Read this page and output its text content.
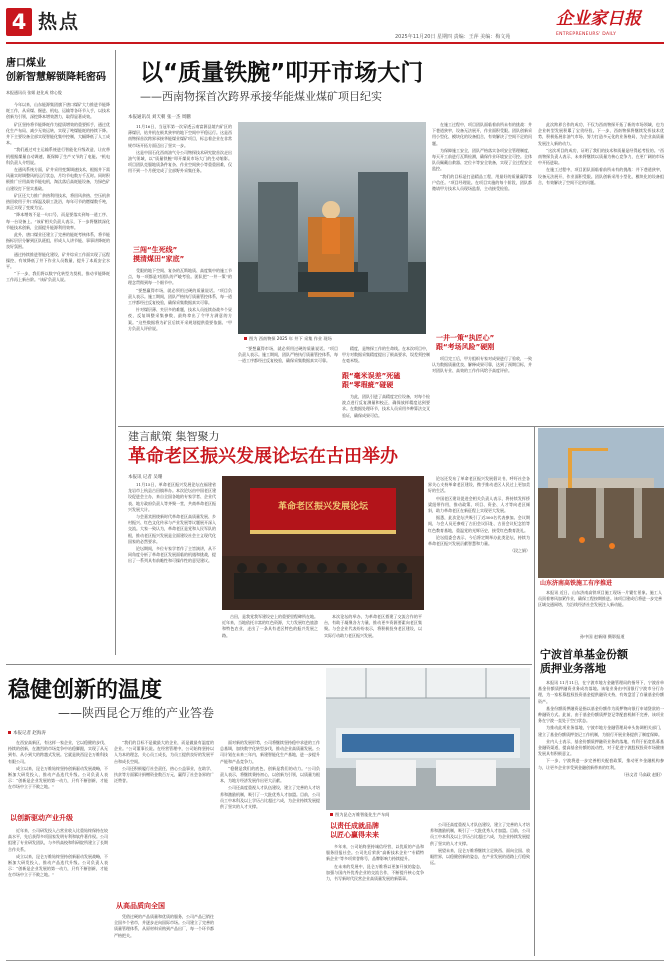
4 热点
2025年11月20日 星期四 责编：王萍 美编：梅文苑
企业家日报
ENTREPRENEURS' DAILY
唐口煤业
创新智慧解锁降耗密码
本报通讯员 张姬 赵化成 徐心俊

今年以来，山东能源集团旗下唐口煤矿大力推进节能降耗工作，从采煤、掘进、机电、运输等各环节入手，以技术创新为引领，深挖降本增效潜力，取得显著成效。

矿区坚持将节能降耗作为提质增效的重要抓手，通过优化生产布局、减少无效运转，实现了吨煤能耗的持续下降。井下主要设备全部实现智能化集中控制，大幅降低了人工成本。

“我们通过对主运输系统进行智能化升级改造，让皮带机根据煤量自动调速，既保障了生产又节约了电能。”机电科负责人介绍说。

在通风系统方面，矿井采用变频调速技术，根据井下需风量实时调整风机运行状态，月均节电数万千瓦时。同时积极推广应用高效节能电机，淘汰落后高耗能设备，为绿色矿山建设打下坚实基础。

矿区还大力推广余热利用技术，将回风余热、空压机余热回收用于井口保温及职工洗浴，每年可节约燃煤数千吨，真正实现了变废为宝。

“降本增效不是一句口号，而是要落实到每一道工序、每一台设备上。”该矿相关负责人表示，下一步将继续深化节能技术创新，全面提升能源利用效率。

此外，唐口煤业还建立了完善的能耗考核体系，将节能指标层层分解到区队班组，形成人人讲节能、事事讲降耗的良好氛围。

通过持续推进智能化建设，矿井综采工作面实现了远程操控，有效降低了井下作业人员数量，提升了本质安全水平。

“下一步，我们将以数字化转型为契机，推动节能降耗工作再上新台阶。”该矿负责人说。

以“质量铁腕”叩开市场大门
——西南物探首次跨界承接华能煤业煤矿项目纪实
本报通讯员 刘天朝 张一杰 周鹏

11月16日，当冠军第一次穿透云南富源县境内矿区的薄煤层，钻井机在极其狭窄的地下空间中平稳运行。这是西南物探首次跨界承接华能煤业煤矿项目，标志着企业在非常规市场开拓方面迈出了坚实一步。

这是中国石化西南油气分公司物探技术研究院首次走出油气领域，以“质量铁腕”叩开煤炭市场大门的生动缩影。项目团队克服地质条件复杂、作业空间狭小等重重困难，仅用不到一个月便完成了全部野外采集任务。

图为 西南物探 2025 年 井下 采集 作业 现场
三闯“生死线”
摸清煤田“家底”

受限的地下空间、复杂的瓦斯地质、高度集中的施工节点，每一项都是对团队的严峻考验。团队把“一井一策”的理念贯彻到每一个细节中。

“要想赢得市场，就必须用过硬的质量说话。”项目负责人表示。施工期间，团队严格执行质量管控体系，每一道工序都经过反复校验，确保采集数据真实可靠。

针对煤层薄、夹层多的难题，技术人员连续奋战多个昼夜，反复调整采集参数，最终拿出了令甲方满意的方案。“这些数据将为矿区后续开采规划提供重要依据。”甲方负责人评价说。

“要想赢得市场，就必须用过硬的质量说话。”项目负责人表示。施工期间，团队严格执行质量管控体系，每一道工序都经过反复校验，确保采集数据真实可靠。

在施工过程中，项目团队面临着前所未有的挑战：井下巷道狭窄，设备无法展开，作业面积受限。团队创新采用小型化、模块化的设备组合，有效解决了空间不足的问题。

为保障施工安全，团队严格落实各项安全管理制度，每天开工前进行瓦斯检测，确保作业环境安全可控。全体队员佩戴自救器、定位卡等安全装备，实现了全过程安全监控。

“我们的目标是打造精品工程，用最好的质量赢得客户信任。”项目经理说。在项目实施的每个阶段，团队都邀请甲方技术人员现场监督，主动接受检验。

跟“毫米误差”死磕
跟“零瑕疵”碰硬

精度，是物探工作的生命线。在本次项目中，甲方对数据采集精度提出了极高要求，误差须控制在毫米级。

为此，团队引进了高精度定位设备，对每个检波点进行反复测量和校正，确保放样精度达到要求。在数据处理环节，技术人员采用多种算法交叉验证，确保成果可信。

一井一策“执匠心”
跟“考场风险”硬刚

项目完工后，甲方组织专家对成果进行了验收，一致认为数据质量优良、解释成果可靠，达到了预期目标，并对团队专业、高效的工作作风给予高度评价。

此次跨界合作的成功，不仅为西南物探开拓了新的市场领域，也为企业转型发展积累了宝贵经验。下一步，西南物探将继续发挥技术优势，积极拓展非油气市场，努力打造多元化的业务格局，为企业高质量发展注入新的动力。

“这次项目的成功，证明了我们的技术和质量是经得起考验的。”西南物探负责人表示，未来将继续以质量为核心竞争力，在更广阔的市场中开拓进取。

在施工过程中，项目团队面临着前所未有的挑战：井下巷道狭窄，设备无法展开，作业面积受限。团队创新采用小型化、模块化的设备组合，有效解决了空间不足的问题。

建言献策 集智聚力
革命老区振兴发展论坛在古田举办
本报讯 记者 吴珊

11月15日，革命老区振兴发展论坛在福建省龙岩市上杭县古田镇举办。本次论坛由中国老区建设促进会主办，来自全国各地的专家学者、企业代表、地方政府负责人等齐聚一堂，共商革命老区振兴发展大计。

与会嘉宾围绕新时代革命老区高质量发展、乡村振兴、红色文化传承与产业发展等议题展开深入交流。大家一致认为，革命老区是党和人民军队的根，推动老区振兴发展是全面建设社会主义现代化国家的必然要求。

论坛期间，多位专家学者作了主旨演讲，从不同角度分析了革命老区发展面临的机遇和挑战，提出了一系列具有前瞻性和可操作性的意见建议。

革命老区振兴发展论坛

古田，是我党我军建设史上的重要里程碑所在地。近年来，当地依托丰富的红色资源，大力发展红色旅游和特色农业，走出了一条具有老区特色的振兴发展之路。

本次论坛的举办，为革命老区搭建了交流合作的平台，有助于凝聚各方力量，推动更多资源要素向老区集聚。与会企业代表纷纷表示，将积极投身老区建设，以实际行动助力老区振兴发展。

论坛还发布了革命老区振兴发展倡议书，呼吁社会各界关心支持革命老区建设，携手推动老区人民过上更加美好的生活。

中国老区建设促进会相关负责人表示，将持续发挥桥梁纽带作用，推动政策、项目、资金、人才等向老区倾斜，助力革命老区在新征程上实现更大发展。

据悉，此次论坛共吸引了近300名代表参加。会议期间，与会人员还参观了古田会议旧址、古田会议纪念馆等红色教育基地，重温党的光辉历史，接受红色教育洗礼。

论坛组委会表示，今后将定期举办此类论坛，持续为革命老区振兴发展贡献智慧和力量。

（段之娟）

山东济南高铁施工有序推进

本报讯 近日，山东济南高铁项目施工现场一片繁忙景象。施工人员顶着寒风加紧作业，确保工程按期推进。该项目建成后将进一步完善区域交通网络，为沿线经济社会发展注入新动能。

孙中国 赵新刚 摄影报道
宁波首单基金份额
质押业务落地

本报讯 11月11日，在宁波市地方金融管理局的指导下，宁波首单基金份额质押融资业务成功落地。该笔业务由中国银行宁波市分行办理，为一家私募股权投资基金提供融资支持，有效盘活了存量基金份额资产。

基金份额质押融资是指以基金份额作为质押物向银行申请贷款的一种融资方式。此前，由于基金份额质押登记等配套机制不完善，该项业务在宁波一直处于空白状态。

为推动此项业务落地，宁波市地方金融管理局牵头协调相关部门，建立了基金份额质押登记工作机制，为银行开展业务提供了制度保障。

业内人士表示，基金份额质押融资业务的落地，有利于拓宽私募基金融资渠道，提高基金份额的流动性，对于促进宁波股权投资市场健康发展具有积极意义。

下一步，宁波将进一步完善相关配套政策，推动更多金融机构参与，让更多企业享受到金融创新带来的红利。

（孙文君 马高政 赵阳）

稳健创新的温度
——陕西昆仑万维的产业答卷
本报记者 赵海涛

在西安高新区，有这样一家企业，它以稳健的步伐、持续的创新，在激烈的市场竞争中站稳脚跟，实现了从无到有、从小到大的跨越式发展。它就是陕西昆仑万维科技有限公司。

成立以来，昆仑万维始终坚持创新驱动发展战略，不断加大研发投入，推动产品迭代升级。公司负责人表示：“创新是企业发展的第一动力，只有不断创新，才能在市场中立于不败之地。”

以创新驱动产业升级

近年来，公司研发投入占营业收入比重始终保持在较高水平，先后获得多项国家发明专利和软件著作权。公司组建了专业研发团队，与多所高校和科研院所建立了长期合作关系。

成立以来，昆仑万维始终坚持创新驱动发展战略，不断加大研发投入，推动产品迭代升级。公司负责人表示：“创新是企业发展的第一动力，只有不断创新，才能在市场中立于不败之地。”

“我们的目标不是做最大的企业，而是做最有温度的企业。”公司董事长说。在经营管理中，公司始终坚持以人为本的理念，关心员工成长，为员工提供良好的发展平台和成长空间。

公司还积极履行社会责任，热心公益事业，在助学、扶贫等方面累计捐赠资金数百万元，赢得了社会各界的广泛赞誉。

从高品质向全国

凭借过硬的产品质量和优质的服务，公司产品已销往全国多个省市，并逐步走向国际市场。公司建立了完善的质量管理体系，从原材料采购到产品出厂，每一个环节都严格把关。

面对新的发展形势，公司将继续坚持稳中求进的工作总基调，加快数字化转型步伐，推动企业高质量发展。公司计划在未来三年内，新建智能化生产基地，进一步提升产能和产品竞争力。

“稳健是我们的底色，创新是我们的动力。”公司负责人表示，将继续秉持初心，以创新为引领，以质量为根本，为地方经济发展作出更大贡献。

公司还高度重视人才队伍建设，建立了完善的人才培养和激励机制，吸引了一大批优秀人才加盟。目前，公司员工中本科及以上学历占比超过六成，为企业持续发展提供了坚实的人才支撑。

图为昆仑万维智能化生产车间
以责任成就品牌
以匠心赢得未来

多年来，公司始终坚持诚信经营，以优质的产品和服务回报社会。公司先后荣获“高新技术企业”“专精特新企业”等多项荣誉称号，品牌影响力持续提升。

在未来的发展中，昆仑万维将以更加开放的姿态，加强与国内外优秀企业的交流合作，不断提升核心竞争力，书写新时代民营企业高质量发展的新篇章。

公司还高度重视人才队伍建设，建立了完善的人才培养和激励机制，吸引了一大批优秀人才加盟。目前，公司员工中本科及以上学历占比超过六成，为企业持续发展提供了坚实的人才支撑。

展望未来，昆仑万维将继续立足陕西、面向全国、放眼世界，以稳健创新的姿态，在产业发展的道路上行稳致远。
